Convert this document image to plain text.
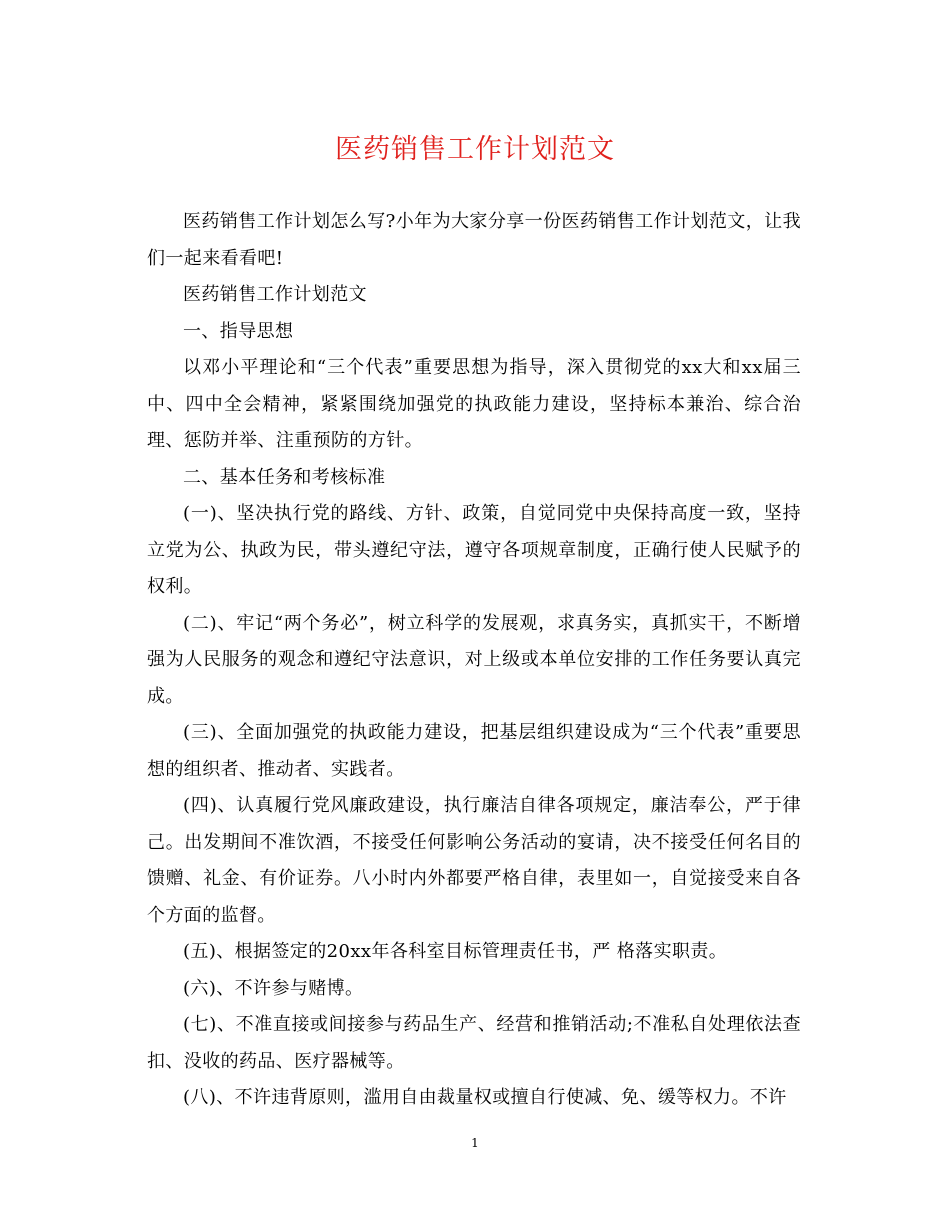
医药销售工作计划范文

医药销售工作计划怎么写?小年为大家分享一份医药销售工作计划范文，让我们一起来看看吧!

医药销售工作计划范文

一、指导思想

以邓小平理论和“三个代表”重要思想为指导，深入贯彻党的xx大和xx届三中、四中全会精神，紧紧围绕加强党的执政能力建设，坚持标本兼治、综合治理、惩防并举、注重预防的方针。

二、基本任务和考核标准

(一)、坚决执行党的路线、方针、政策，自觉同党中央保持高度一致，坚持立党为公、执政为民，带头遵纪守法，遵守各项规章制度，正确行使人民赋予的权利。

(二)、牢记“两个务必”，树立科学的发展观，求真务实，真抓实干，不断增强为人民服务的观念和遵纪守法意识，对上级或本单位安排的工作任务要认真完成。

(三)、全面加强党的执政能力建设，把基层组织建设成为“三个代表”重要思想的组织者、推动者、实践者。

(四)、认真履行党风廉政建设，执行廉洁自律各项规定，廉洁奉公，严于律己。出发期间不准饮酒，不接受任何影响公务活动的宴请，决不接受任何名目的馈赠、礼金、有价证券。八小时内外都要严格自律，表里如一，自觉接受来自各个方面的监督。

(五)、根据签定的20xx年各科室目标管理责任书，严 格落实职责。

(六)、不许参与赌博。

(七)、不准直接或间接参与药品生产、经营和推销活动;不准私自处理依法查扣、没收的药品、医疗器械等。

(八)、不许违背原则，滥用自由裁量权或擅自行使减、免、缓等权力。不许

1
